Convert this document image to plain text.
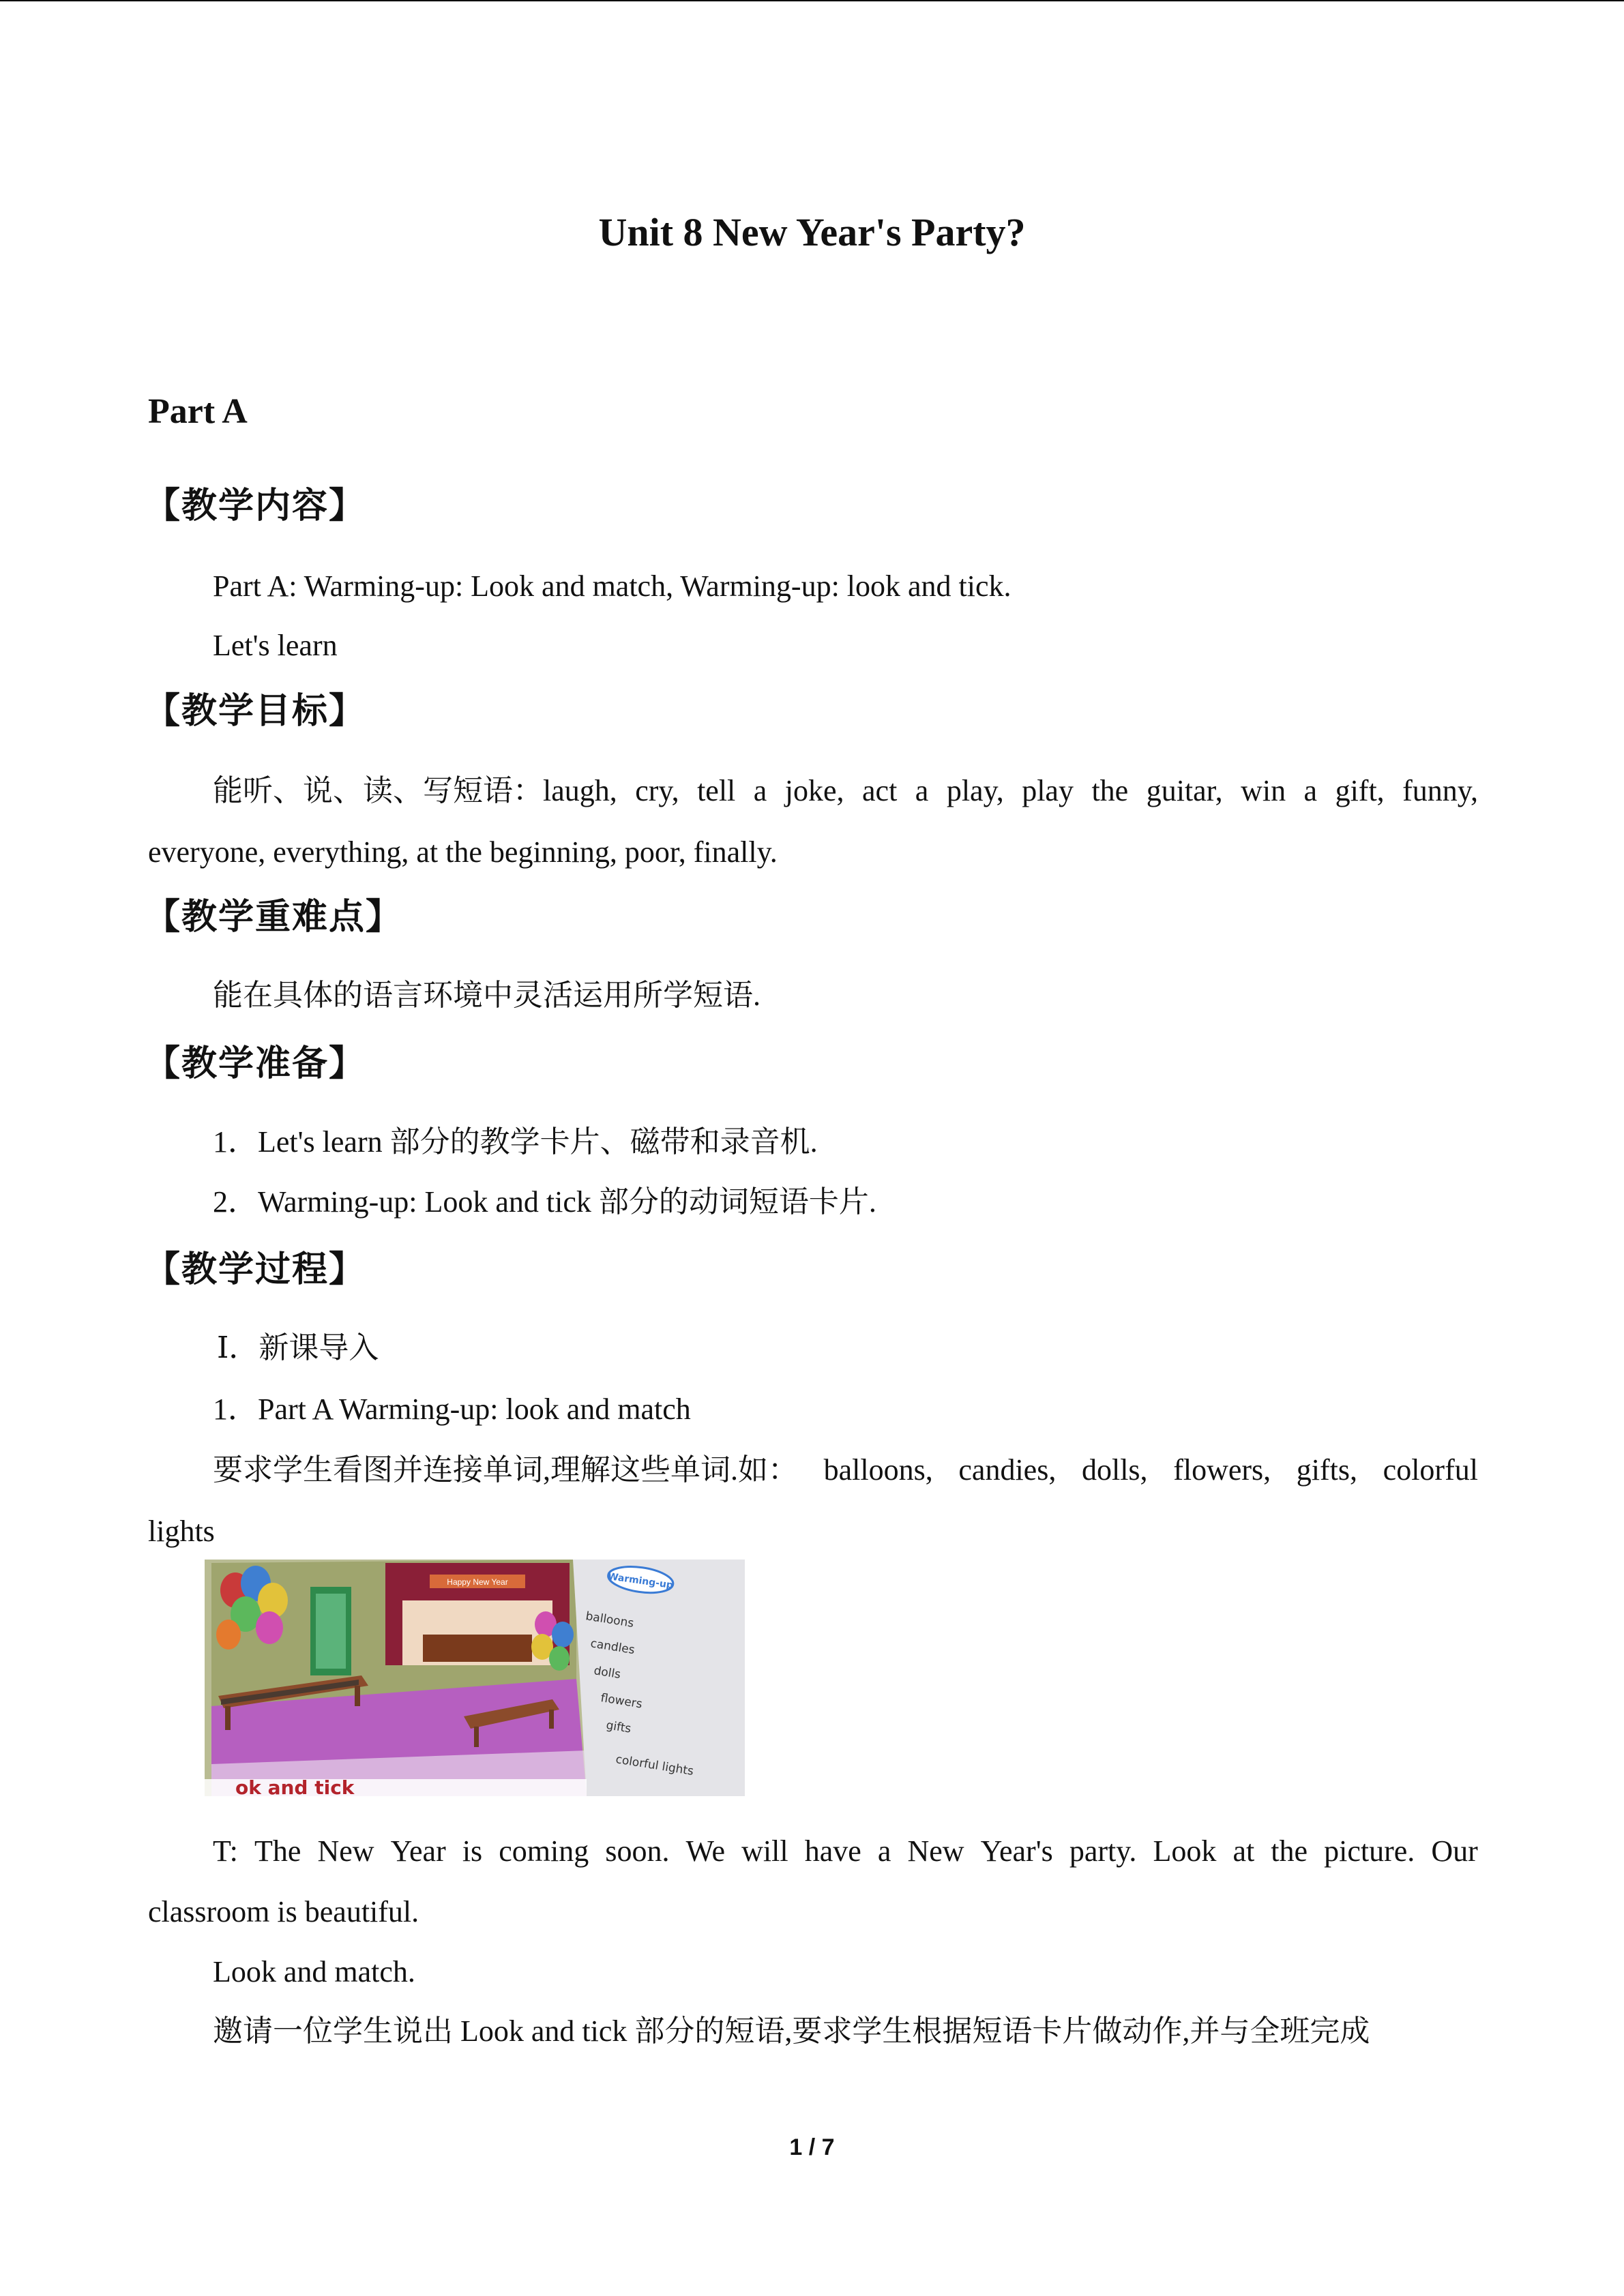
Unit 8 New Year's Party?
Part A
【教学内容】
Part A: Warming-up: Look and match, Warming-up: look and tick.
Let's learn
【教学目标】
能听、说、读、写短语：laugh, cry, tell a joke, act a play, play the guitar, win a gift, funny,
everyone, everything, at the beginning, poor, finally.
【教学重难点】
能在具体的语言环境中灵活运用所学短语.
【教学准备】
1．Let's learn 部分的教学卡片、磁带和录音机.
2．Warming-up: Look and tick 部分的动词短语卡片.
【教学过程】
Ⅰ．新课导入
1．Part A Warming-up: look and match
要求学生看图并连接单词,理解这些单词.如： balloons, candies, dolls, flowers, gifts, colorful
lights
Happy New Year	Warming-up
balloons
candles
dolls
flowers
gifts
colorful lights
ok and tick
T: The New Year is coming soon. We will have a New Year's party. Look at the picture. Our
classroom is beautiful.
Look and match.
邀请一位学生说出 Look and tick 部分的短语,要求学生根据短语卡片做动作,并与全班完成
1 / 7
